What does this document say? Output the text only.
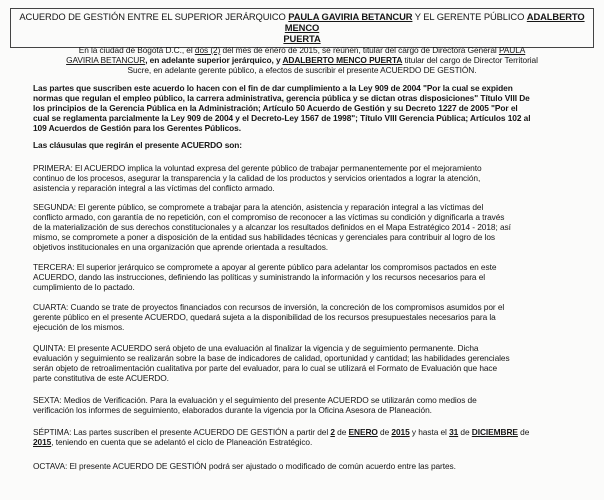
ACUERDO DE GESTIÓN ENTRE EL SUPERIOR JERÁRQUICO PAULA GAVIRIA BETANCUR Y EL GERENTE PÚBLICO ADALBERTO MENCO
PUERTA
En la ciudad de Bogotá D.C., el dos (2) del mes de enero de 2015, se reúnen, titular del cargo de Directora General PAULA
GAVIRIA BETANCUR, en adelante superior jerárquico, y ADALBERTO MENCO PUERTA titular del cargo de Director Territorial
Sucre, en adelante gerente público, a efectos de suscribir el presente ACUERDO DE GESTIÓN.
Las partes que suscriben este acuerdo lo hacen con el fin de dar cumplimiento a la Ley 909 de 2004 "Por la cual se expiden
normas que regulan el empleo público, la carrera administrativa, gerencia pública y se dictan otras disposiciones" Título VIII De
los principios de la Gerencia Pública en la Administración; Artículo 50 Acuerdo de Gestión y su Decreto 1227 de 2005 "Por el
cual se reglamenta parcialmente la Ley 909 de 2004 y el Decreto-Ley 1567 de 1998"; Título VIII Gerencia Pública; Artículos 102 al
109 Acuerdos de Gestión para los Gerentes Públicos.
Las cláusulas que regirán el presente ACUERDO son:
PRIMERA: El ACUERDO implica la voluntad expresa del gerente público de trabajar permanentemente por el mejoramiento
continuo de los procesos, asegurar la transparencia y la calidad de los productos y servicios orientados a lograr la atención,
asistencia y reparación integral a las víctimas del conflicto armado.
SEGUNDA: El gerente público, se compromete a trabajar para la atención, asistencia y reparación integral a las víctimas del
conflicto armado, con garantía de no repetición, con el compromiso de reconocer a las víctimas su condición y dignificarla a través
de la materialización de sus derechos constitucionales y a alcanzar los resultados definidos en el Mapa Estratégico 2014 - 2018; así
mismo, se compromete a poner a disposición de la entidad sus habilidades técnicas y gerenciales para contribuir al logro de los
objetivos institucionales en una organización que aprende orientada a resultados.
TERCERA: El superior jerárquico se compromete a apoyar al gerente público para adelantar los compromisos pactados en este
ACUERDO, dando las instrucciones, definiendo las políticas y suministrando la información y los recursos necesarios para el
cumplimiento de lo pactado.
CUARTA: Cuando se trate de proyectos financiados con recursos de inversión, la concreción de los compromisos asumidos por el
gerente público en el presente ACUERDO, quedará sujeta a la disponibilidad de los recursos presupuestales necesarios para la
ejecución de los mismos.
QUINTA: El presente ACUERDO será objeto de una evaluación al finalizar la vigencia y de seguimiento permanente. Dicha
evaluación y seguimiento se realizarán sobre la base de indicadores de calidad, oportunidad y cantidad; las habilidades gerenciales
serán objeto de retroalimentación cualitativa por parte del evaluador, para lo cual se utilizará el Formato de Evaluación que hace
parte constitutiva de este ACUERDO.
SEXTA: Medios de Verificación. Para la evaluación y el seguimiento del presente ACUERDO se utilizarán como medios de
verificación los informes de seguimiento, elaborados durante la vigencia por la Oficina Asesora de Planeación.
SÉPTIMA: Las partes suscriben el presente ACUERDO DE GESTIÓN a partir del 2 de ENERO de 2015 y hasta el 31 de DICIEMBRE de
2015, teniendo en cuenta que se adelantó el ciclo de Planeación Estratégico.
OCTAVA: El presente ACUERDO DE GESTIÓN podrá ser ajustado o modificado de común acuerdo entre las partes.
